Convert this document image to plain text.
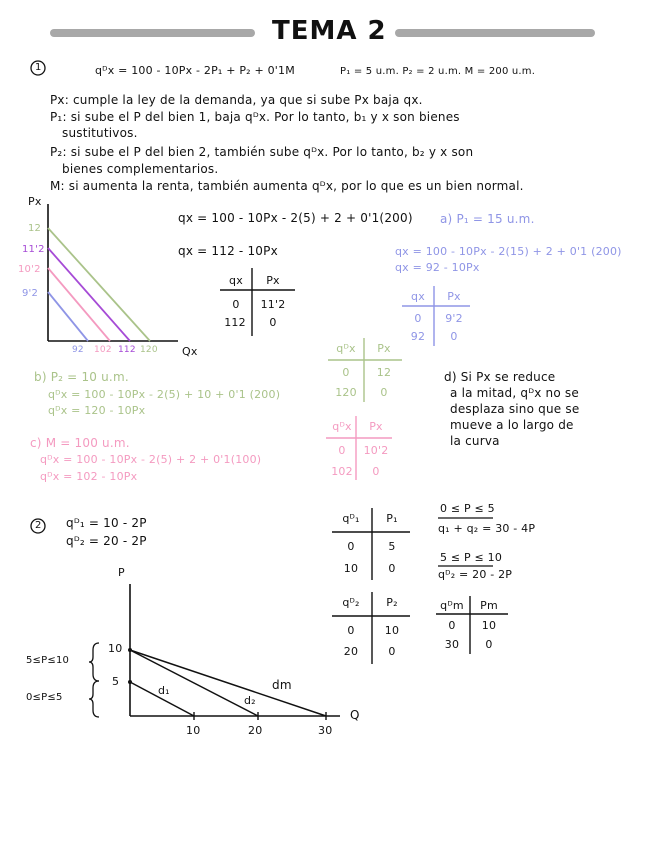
TEMA 2
1	qᴰx = 100 - 10Px - 2P₁ + P₂ + 0'1M	P₁ = 5 u.m. P₂ = 2 u.m. M = 200 u.m.
Px: cumple la ley de la demanda, ya que si sube Px baja qx.
P₁: si sube el P del bien 1, baja qᴰx. Por lo tanto, b₁ y x son bienes
sustitutivos.
P₂: si sube el P del bien 2, también sube qᴰx. Por lo tanto, b₂ y x son
bienes complementarios.
M: si aumenta la renta, también aumenta qᴰx, por lo que es un bien normal.
Px
Qx
12
11'2
10'2
9'2
92 102 112 120
qx = 100 - 10Px - 2(5) + 2 + 0'1(200)
qx = 112 - 10Px
qx	Px
0	11'2
112	0
a) P₁ = 15 u.m.
qx = 100 - 10Px - 2(15) + 2 + 0'1 (200)
qx = 92 - 10Px
qx	Px
0	9'2
92	0
qᴰx	Px
0	12
120	0
b) P₂ = 10 u.m.
qᴰx = 100 - 10Px - 2(5) + 10 + 0'1 (200)
qᴰx = 120 - 10Px
c) M = 100 u.m.
qᴰx = 100 - 10Px - 2(5) + 2 + 0'1(100)
qᴰx = 102 - 10Px
qᴰx	Px
0	10'2
102	0
d) Si Px se reduce
a la mitad, qᴰx no se
desplaza sino que se
mueve a lo largo de
la curva
2 qᴰ₁ = 10 - 2P
qᴰ₂ = 20 - 2P
qᴰ₁	P₁
0	5
10	0
qᴰ₂	P₂
0	10
20	0
0 ≤ P ≤ 5
q₁ + q₂ = 30 - 4P
5 ≤ P ≤ 10
qᴰ₂ = 20 - 2P
qᴰm	Pm
0	10
30	0
P
Q
10
5
10	20	30
d₁
d₂
dm
5≤P≤10
0≤P≤5
